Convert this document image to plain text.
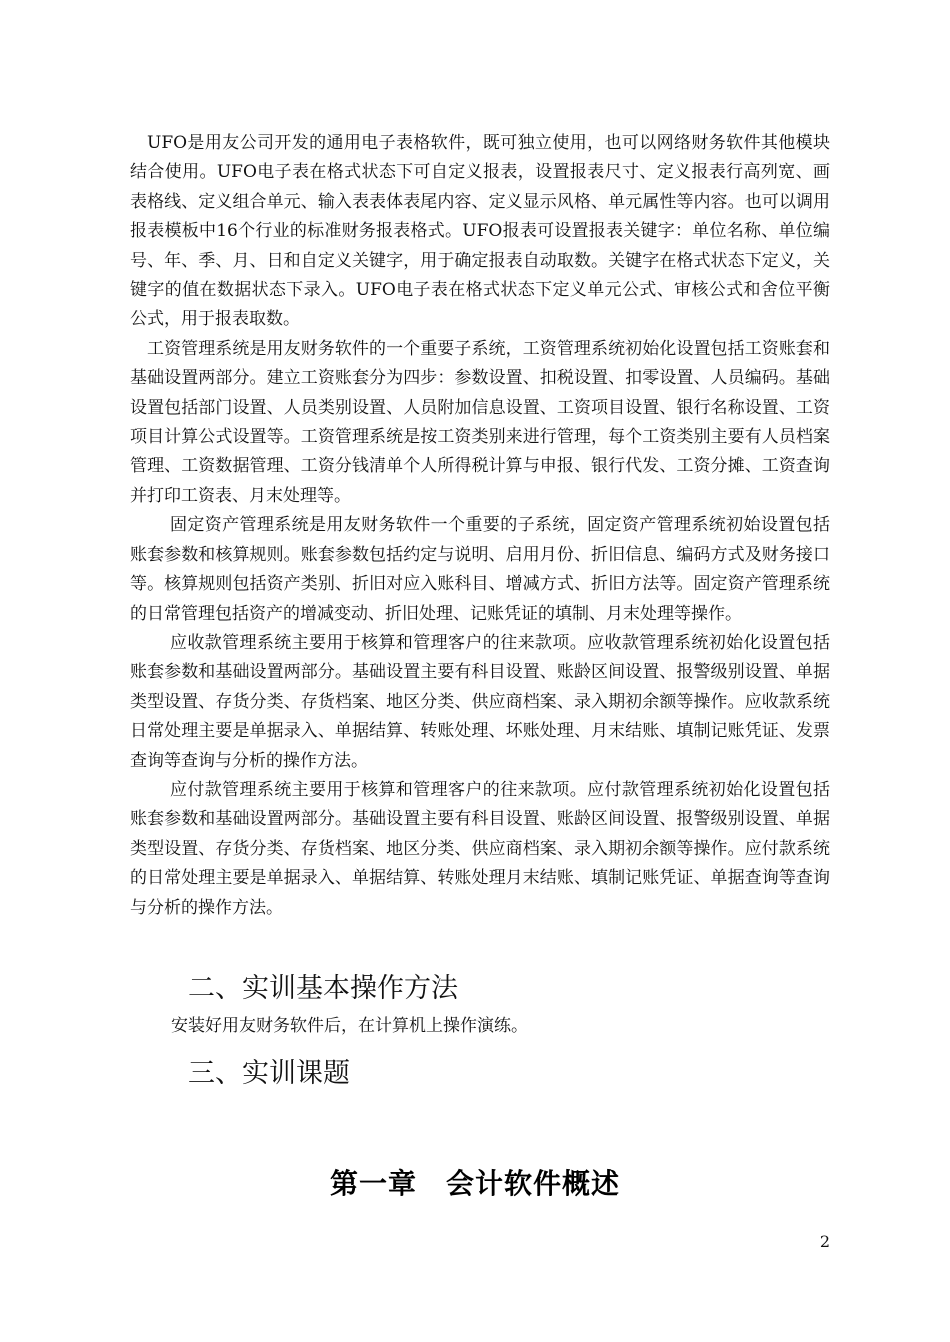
UFO是用友公司开发的通用电子表格软件，既可独立使用，也可以网络财务软件其他模块结合使用。UFO电子表在格式状态下可自定义报表，设置报表尺寸、定义报表行高列宽、画表格线、定义组合单元、输入表表体表尾内容、定义显示风格、单元属性等内容。也可以调用报表模板中16个行业的标准财务报表格式。UFO报表可设置报表关键字：单位名称、单位编号、年、季、月、日和自定义关键字，用于确定报表自动取数。关键字在格式状态下定义，关键字的值在数据状态下录入。UFO电子表在格式状态下定义单元公式、审核公式和舍位平衡公式，用于报表取数。

工资管理系统是用友财务软件的一个重要子系统，工资管理系统初始化设置包括工资账套和基础设置两部分。建立工资账套分为四步：参数设置、扣税设置、扣零设置、人员编码。基础设置包括部门设置、人员类别设置、人员附加信息设置、工资项目设置、银行名称设置、工资项目计算公式设置等。工资管理系统是按工资类别来进行管理，每个工资类别主要有人员档案管理、工资数据管理、工资分钱清单个人所得税计算与申报、银行代发、工资分摊、工资查询并打印工资表、月末处理等。

固定资产管理系统是用友财务软件一个重要的子系统，固定资产管理系统初始设置包括账套参数和核算规则。账套参数包括约定与说明、启用月份、折旧信息、编码方式及财务接口等。核算规则包括资产类别、折旧对应入账科目、增减方式、折旧方法等。固定资产管理系统的日常管理包括资产的增减变动、折旧处理、记账凭证的填制、月末处理等操作。

应收款管理系统主要用于核算和管理客户的往来款项。应收款管理系统初始化设置包括账套参数和基础设置两部分。基础设置主要有科目设置、账龄区间设置、报警级别设置、单据类型设置、存货分类、存货档案、地区分类、供应商档案、录入期初余额等操作。应收款系统日常处理主要是单据录入、单据结算、转账处理、坏账处理、月末结账、填制记账凭证、发票查询等查询与分析的操作方法。

应付款管理系统主要用于核算和管理客户的往来款项。应付款管理系统初始化设置包括账套参数和基础设置两部分。基础设置主要有科目设置、账龄区间设置、报警级别设置、单据类型设置、存货分类、存货档案、地区分类、供应商档案、录入期初余额等操作。应付款系统的日常处理主要是单据录入、单据结算、转账处理月末结账、填制记账凭证、单据查询等查询与分析的操作方法。

二、实训基本操作方法

安装好用友财务软件后，在计算机上操作演练。

三、实训课题
第一章　会计软件概述

2
